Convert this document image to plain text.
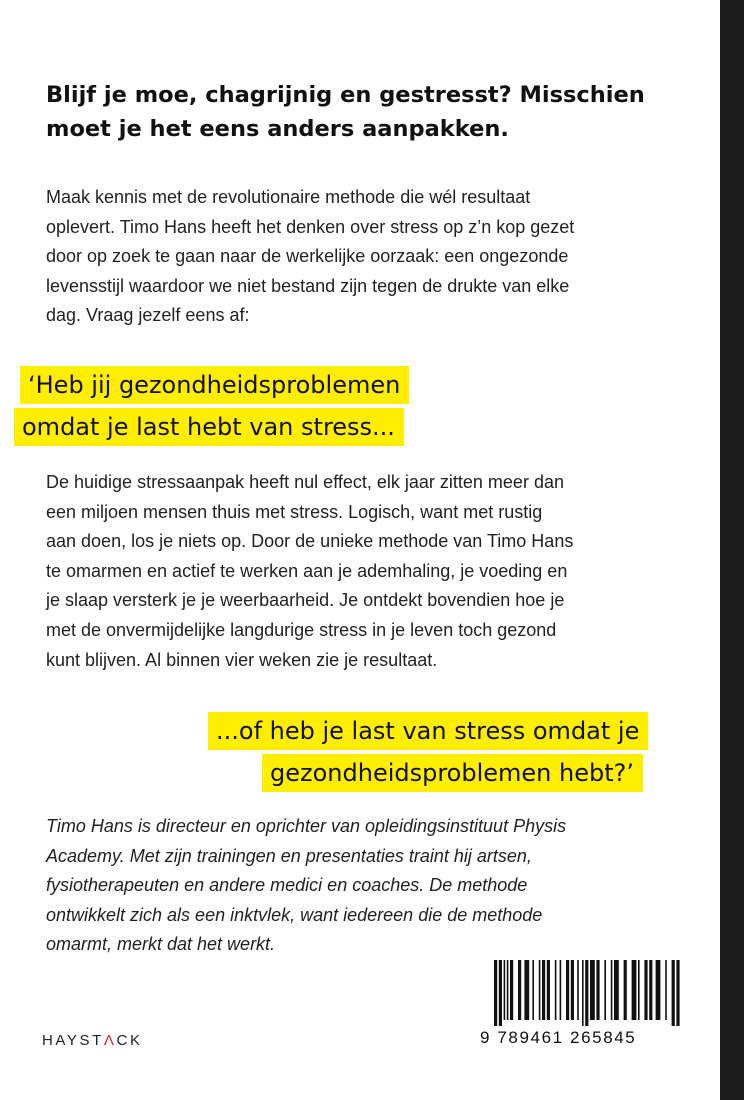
Blijf je moe, chagrijnig en gestresst? Misschien
moet je het eens anders aanpakken.

Maak kennis met de revolutionaire methode die wél resultaat
oplevert. Timo Hans heeft het denken over stress op z’n kop gezet
door op zoek te gaan naar de werkelijke oorzaak: een ongezonde
levensstijl waardoor we niet bestand zijn tegen de drukte van elke
dag. Vraag jezelf eens af:

‘Heb jij gezondheidsproblemen
omdat je last hebt van stress...

De huidige stressaanpak heeft nul effect, elk jaar zitten meer dan
een miljoen mensen thuis met stress. Logisch, want met rustig
aan doen, los je niets op. Door de unieke methode van Timo Hans
te omarmen en actief te werken aan je ademhaling, je voeding en
je slaap versterk je je weerbaarheid. Je ontdekt bovendien hoe je
met de onvermijdelijke langdurige stress in je leven toch gezond
kunt blijven. Al binnen vier weken zie je resultaat.

...of heb je last van stress omdat je
gezondheidsproblemen hebt?’

Timo Hans is directeur en oprichter van opleidingsinstituut Physis
Academy. Met zijn trainingen en presentaties traint hij artsen,
fysiotherapeuten en andere medici en coaches. De methode
ontwikkelt zich als een inktvlek, want iedereen die de methode
omarmt, merkt dat het werkt.

HAYSTΛCK	9 789461 265845
